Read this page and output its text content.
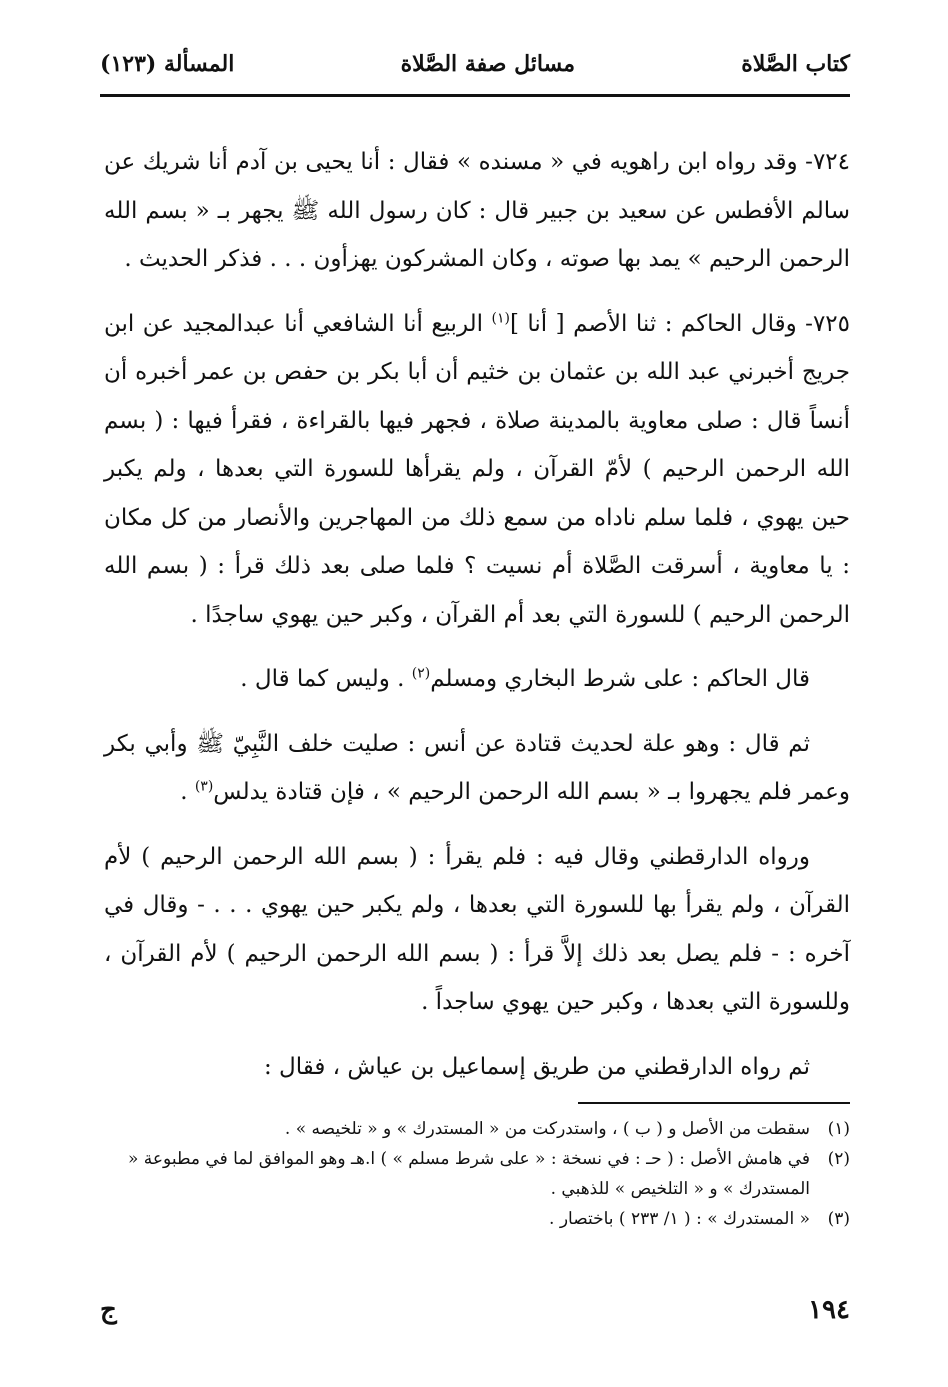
كتاب الصَّلاة
مسائل صفة الصَّلاة
المسألة (١٢٣)

٧٢٤- وقد رواه ابن راهويه في « مسنده » فقال : أنا يحيى بن آدم أنا شريك عن سالم الأفطس عن سعيد بن جبير قال : كان رسول الله ﷺ يجهر بـ « بسم الله الرحمن الرحيم » يمد بها صوته ، وكان المشركون يهزأون . . . فذكر الحديث .

٧٢٥- وقال الحاكم : ثنا الأصم [ أنا ]$^{(١)}$ الربيع أنا الشافعي أنا عبدالمجيد عن ابن جريج أخبرني عبد الله بن عثمان بن خثيم أن أبا بكر بن حفص بن عمر أخبره أن أنساً قال : صلى معاوية بالمدينة صلاة ، فجهر فيها بالقراءة ، فقرأ فيها : ( بسم الله الرحمن الرحيم ) لأمّ القرآن ، ولم يقرأها للسورة التي بعدها ، ولم يكبر حين يهوي ، فلما سلم ناداه من سمع ذلك من المهاجرين والأنصار من كل مكان : يا معاوية ، أسرقت الصَّلاة أم نسيت ؟ فلما صلى بعد ذلك قرأ : ( بسم الله الرحمن الرحيم ) للسورة التي بعد أم القرآن ، وكبر حين يهوي ساجدًا .

قال الحاكم : على شرط البخاري ومسلم$^{(٢)}$ . وليس كما قال .

ثم قال : وهو علة لحديث قتادة عن أنس : صليت خلف النَّبِيّ ﷺ وأبي بكر وعمر فلم يجهروا بـ « بسم الله الرحمن الرحيم » ، فإن قتادة يدلس$^{(٣)}$ .

ورواه الدارقطني وقال فيه : فلم يقرأ : ( بسم الله الرحمن الرحيم ) لأم القرآن ، ولم يقرأ بها للسورة التي بعدها ، ولم يكبر حين يهوي . . . - وقال في آخره : - فلم يصل بعد ذلك إلاَّ قرأ : ( بسم الله الرحمن الرحيم ) لأم القرآن ، وللسورة التي بعدها ، وكبر حين يهوي ساجداً .

ثم رواه الدارقطني من طريق إسماعيل بن عياش ، فقال :

(١)
سقطت من الأصل و ( ب ) ، واستدركت من « المستدرك » و « تلخيصه » .
(٢)
في هامش الأصل : ( حـ : في نسخة : « على شرط مسلم » ) ا.هـ وهو الموافق لما في مطبوعة « المستدرك » و « التلخيص » للذهبي .
(٣)
« المستدرك » : ( ١/ ٢٣٣ ) باختصار .
١٩٤
ج
